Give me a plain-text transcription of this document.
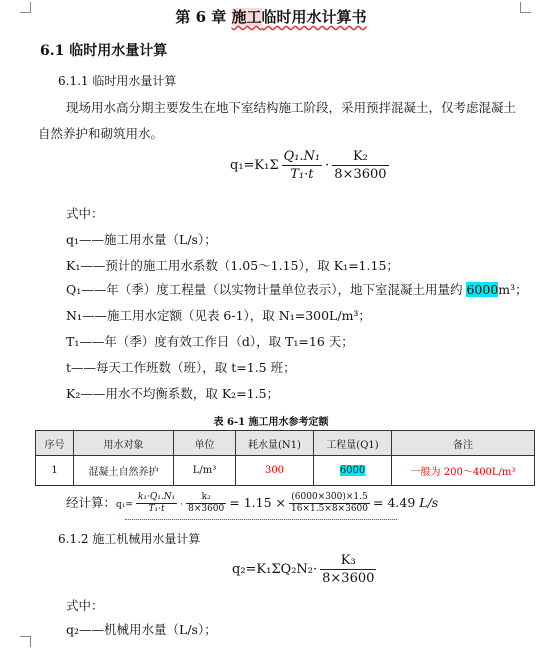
第 6 章 施工临时用水计算书
6.1 临时用水量计算
6.1.1 临时用水量计算
现场用水高分期主要发生在地下室结构施工阶段，采用预拌混凝土，仅考虑混凝土
自然养护和砌筑用水。
$q_1=K_1\Sigma \frac{\text{Q₁.N₁}}{\text{T₁·t}} \cdot \frac{\text{K₂}}{8\times 3600}$
式中：
q₁——施工用水量（L/s）；
K₁——预计的施工用水系数（1.05～1.15），取 K₁=1.15；
Q₁——年（季）度工程量（以实物计量单位表示），地下室混凝土用量约 6000m³；
N₁——施工用水定额（见表 6-1），取 N₁=300L/m³；
T₁——年（季）度有效工作日（d），取 T₁=16 天；
t——每天工作班数（班），取 t=1.5 班；
K₂——用水不均衡系数，取 K₂=1.5；
表 6-1 施工用水参考定额
序号	用水对象	单位	耗水量(N1)	工程量(Q1)	备注
1	混凝土自然养护	L/m³	300	6000	一般为 200～400L/m³
经计算：$q_1= \frac{\text{k₁·Q₁.N₁}}{\text{T₁·t}} \cdot \frac{\text{k₂}}{8\times 3600} = 1.15 \times \frac{(6000\times 300)\times 1.5}{16\times 1.5\times 8\times 3600} = 4.49$ L/s
6.1.2 施工机械用水量计算
$q_2=K_1\Sigma Q_2N_2\cdot \frac{\text{K₃}}{8\times 3600}$
式中：
q₂——机械用水量（L/s）；
